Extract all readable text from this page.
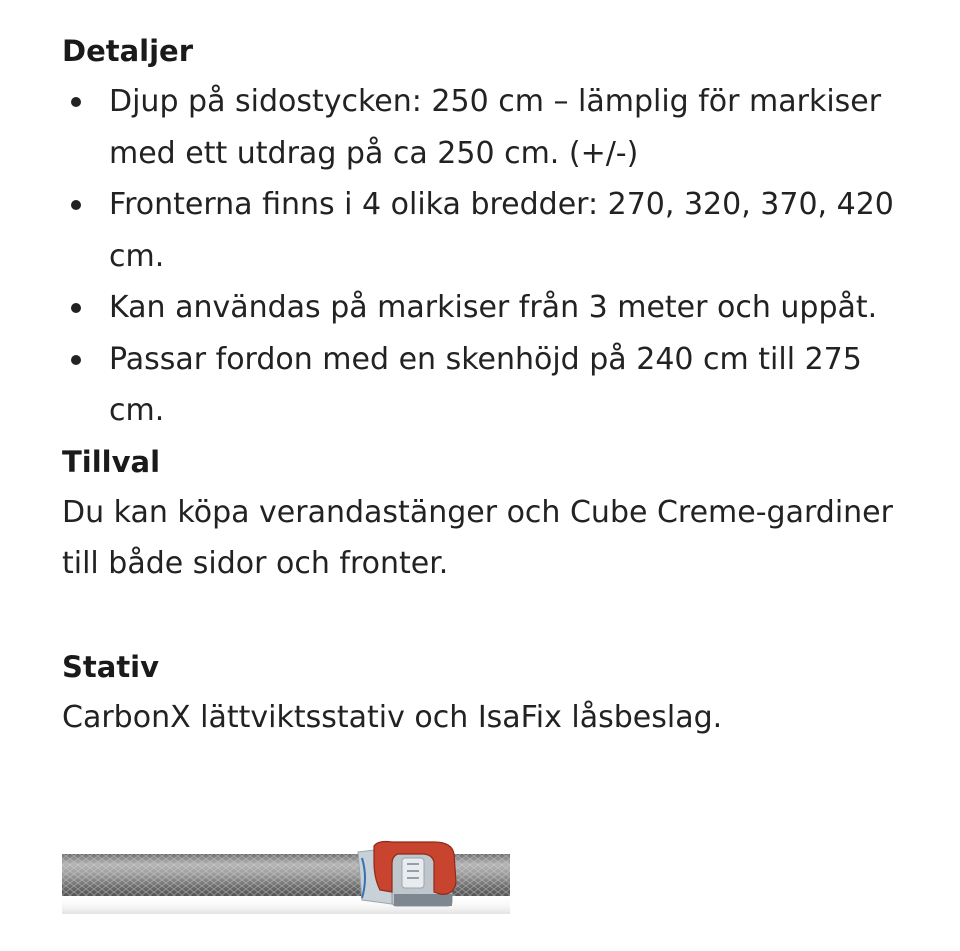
Detaljer
Djup på sidostycken: 250 cm – lämplig för markiser med ett utdrag på ca 250 cm. (+/-)
Fronterna finns i 4 olika bredder: 270, 320, 370, 420 cm.
Kan användas på markiser från 3 meter och uppåt.
Passar fordon med en skenhöjd på 240 cm till 275 cm.
Tillval

Du kan köpa verandastänger och Cube Creme-gardiner till både sidor och fronter.

Stativ

CarbonX lättviktsstativ och IsaFix låsbeslag.
